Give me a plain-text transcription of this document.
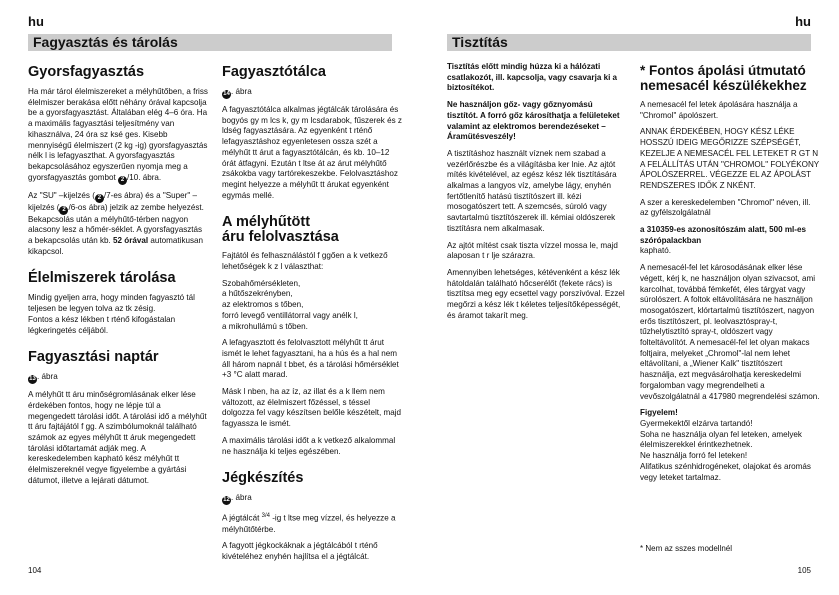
hu
Fagyasztás és tárolás
Gyorsfagyasztás

Ha már tárol élelmiszereket a mélyhűtőben, a friss élelmiszer berakása előtt néhány órával kapcsolja be a gyorsfagyasztást. Általában elég 4–6 óra. Ha a maximális fagyasztási teljesítmény van kihasználva, 24 óra sz ksé ges. Kisebb mennyiségű élelmiszert (2 kg -ig) gyorsfagyasztás nélk l is lefagyaszthat. A gyorsfagyasztás bekapcsolásához egyszerűen nyomja meg a gyorsfagyasztás gombot 2 /10. ábra.

Az "SU" –kijelzés ( 2 /7-es ábra) és a "Super" –kijelzés ( 2 /6-os ábra) jelzik az zembe helyezést. Bekapcsolás után a mélyhűtő-térben nagyon alacsony lesz a hőmér-séklet. A gyorsfagyasztás a bekapcsolás után kb. 52 órával automatikusan kikapcsol.

Élelmiszerek tárolása

Mindig gyeljen arra, hogy minden fagyasztó tál teljesen be legyen tolva az tk zésig.

Fontos a kész lékben t rténő kifogástalan légkeringetés céljából.

Fagyasztási naptár
13. ábra

A mélyhűt tt áru minőségromlásának elker lése érdekében fontos, hogy ne lépje túl a megengedett tárolási időt. A tárolási idő a mélyhűt tt áru fajtájától f gg. A szimbólumoknál található számok az egyes mélyhűt tt áruk megengedett tárolási időtartamát adják meg. A kereskedelemben kapható kész mélyhűt tt élelmiszereknél vegye figyelembe a gyártási dátumot, illetve a lejárati dátumot.

Fagyasztótálca
14. ábra

A fagyasztótálca alkalmas jégtálcák tárolására és bogyós gy m lcs k, gy m lcsdarabok, fűszerek és z ldség fagyasztására. Az egyenként t rténő lefagyasztáshoz egyenletesen ossza szét a mélyhűt tt árut a fagyasztótálcán, és kb. 10–12 órát átfagyni. Ezután t ltse át az árut mélyhűtő zsákokba vagy tartórekeszekbe. Felolvasztáshoz megint helyezze a mélyhűt tt árukat egyenként egymás mellé.

A mélyhűtött
áru felolvasztása

Fajtától és felhasználástól f ggően a k vetkező lehetőségek k z l választhat:

Szobahőmérsékleten,
a hűtőszekrényben,
az elektromos s tőben,
forró levegő ventillátorral vagy anélk l,
a mikrohullámú s tőben.

A lefagyasztott és felolvasztott mélyhűt tt árut ismét le lehet fagyasztani, ha a hús és a hal nem áll három napnál t bbet, és a tárolási hőmérséklet +3 °C alatt marad.

Másk l nben, ha az íz, az illat és a k llem nem változott, az élelmiszert főzéssel, s téssel dolgozza fel vagy készítsen belőle készételt, majd fagyassza le ismét.

A maximális tárolási időt a k vetkező alkalommal ne használja ki teljes egészében.

Jégkészítés
12. ábra

A jégtálcát $^{3/4}$ -ig t ltse meg vízzel, és helyezze a mélyhűtőtérbe.

A fagyott jégkockáknak a jégtálcából t rténő kivételéhez enyhén hajlítsa el a jégtálcát.

104
hu
Tisztítás

Tisztítás előtt mindig húzza ki a hálózati csatlakozót, ill. kapcsolja, vagy csavarja ki a biztosítékot.

Ne használjon gőz- vagy gőznyomású tisztítót. A forró gőz károsíthatja a felületeket valamint az elektromos berendezéseket – Áramütésveszély!

A tisztításhoz használt víznek nem szabad a vezérlőrészbe és a világításba ker lnie. Az ajtót mítés kivételével, az egész kész lék tisztítására alkalmas a langyos víz, amelybe lágy, enyhén fertőtlenítő hatású tisztítószert ill. kézi mosogatószert tett. A szemcsés, súroló vagy savtartalmú tisztítószerek ill. kémiai oldószerek tisztításra nem alkalmasak.

Az ajtót mítést csak tiszta vízzel mossa le, majd alaposan t r lje szárazra.

Amennyiben lehetséges, kétévenként a kész lék hátoldalán található hőcserélőt (fekete rács) is tisztítsa meg egy ecsettel vagy porszívóval. Ezzel megőrzi a kész lék t kéletes teljesítőképességét, és áramot takarít meg.

* Fontos ápolási útmutató
nemesacél készülékekhez

A nemesacél fel letek ápolására használja a "Chromol" ápolószert.

ANNAK ÉRDEKÉBEN, HOGY KÉSZ LÉKE HOSSZÚ IDEIG MEGŐRIZZE SZÉPSÉGÉT, KEZELJE A NEMESACÉL FEL LETEKET R GT N A FELÁLLÍTÁS UTÁN "CHROMOL" FOLYÉKONY ÁPOLÓSZERREL. VÉGEZZE EL AZ ÁPOLÁST RENDSZERES IDŐK Z NKÉNT.

A szer a kereskedelemben "Chromol" néven, ill. az gyfélszolgálatnál

a 310359-es azonosítószám alatt, 500 ml-es szórópalackban
kapható.

A nemesacél-fel let károsodásának elker lése végett, kérj k, ne használjon olyan szivacsot, ami karcolhat, továbbá fémkefét, éles tárgyat vagy súrolószert. A foltok eltávolítására ne használjon mosogatószert, klórtartalmú tisztítószert, nagyon erős tisztítószert, pl. leolvasztóspray-t, tűzhelytisztító spray-t, oldószert vagy folteltávolítót. A nemesacél-fel let olyan makacs foltjaira, melyeket „Chromol"-lal nem lehet eltávolítani, a „Wiener Kalk" tisztítószert használja, ezt megvásárolhatja kereskedelmi forgalomban vagy megrendelheti a vevőszolgálatnál a 417980 megrendelési számon.

Figyelem!
Gyermekektől elzárva tartandó!
Soha ne használja olyan fel leteken, amelyek élelmiszerekkel érintkezhetnek.
Ne használja forró fel leteken!
Alifatikus szénhidrogéneket, olajokat és aromás vegy leteket tartalmaz.

* Nem az sszes modellnél
105
